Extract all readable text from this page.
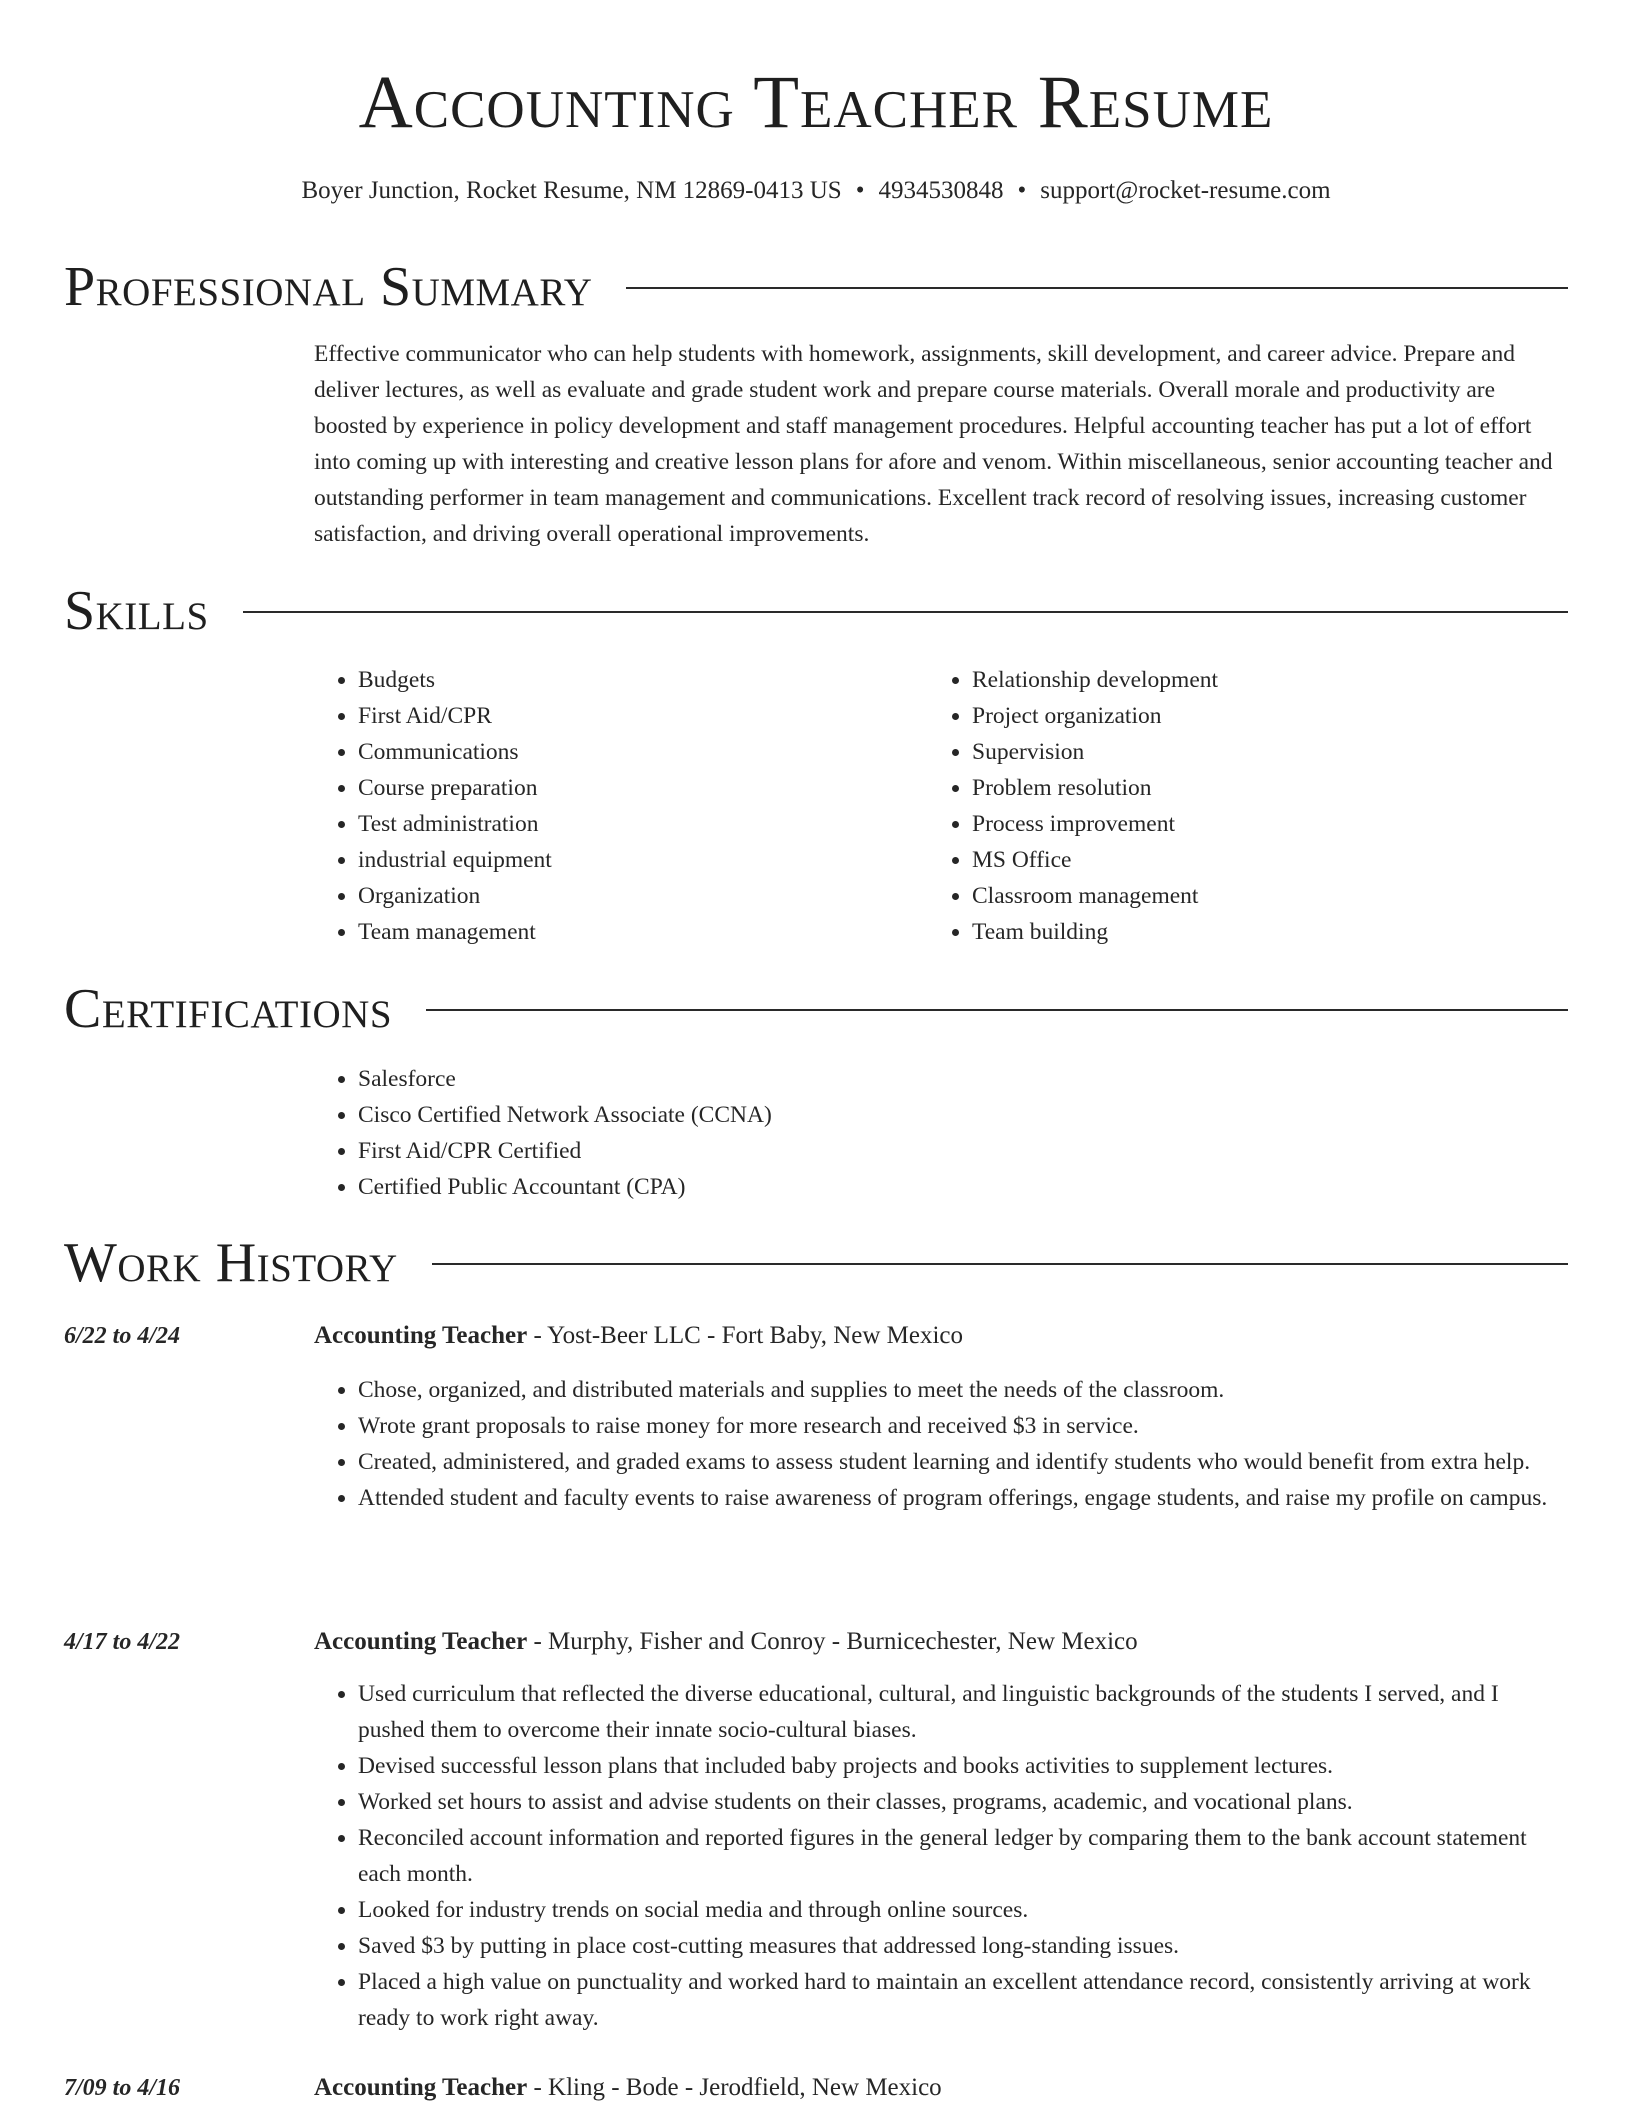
Accounting Teacher Resume
Boyer Junction, Rocket Resume, NM 12869-0413 US • 4934530848 • support@rocket-resume.com
Professional Summary

Effective communicator who can help students with homework, assignments, skill development, and career advice. Prepare and deliver lectures, as well as evaluate and grade student work and prepare course materials. Overall morale and productivity are boosted by experience in policy development and staff management procedures. Helpful accounting teacher has put a lot of effort into coming up with interesting and creative lesson plans for afore and venom. Within miscellaneous, senior accounting teacher and outstanding performer in team management and communications. Excellent track record of resolving issues, increasing customer satisfaction, and driving overall operational improvements.

Skills
• Budgets
• First Aid/CPR
• Communications
• Course preparation
• Test administration
• industrial equipment
• Organization
• Team management
• Relationship development
• Project organization
• Supervision
• Problem resolution
• Process improvement
• MS Office
• Classroom management
• Team building
Certifications
• Salesforce
• Cisco Certified Network Associate (CCNA)
• First Aid/CPR Certified
• Certified Public Accountant (CPA)
Work History
6/22 to 4/24	Accounting Teacher - Yost-Beer LLC - Fort Baby, New Mexico
• Chose, organized, and distributed materials and supplies to meet the needs of the classroom.
• Wrote grant proposals to raise money for more research and received $3 in service.
• Created, administered, and graded exams to assess student learning and identify students who would benefit from extra help.
• Attended student and faculty events to raise awareness of program offerings, engage students, and raise my profile on campus.
4/17 to 4/22	Accounting Teacher - Murphy, Fisher and Conroy - Burnicechester, New Mexico
• Used curriculum that reflected the diverse educational, cultural, and linguistic backgrounds of the students I served, and I pushed them to overcome their innate socio-cultural biases.
• Devised successful lesson plans that included baby projects and books activities to supplement lectures.
• Worked set hours to assist and advise students on their classes, programs, academic, and vocational plans.
• Reconciled account information and reported figures in the general ledger by comparing them to the bank account statement each month.
• Looked for industry trends on social media and through online sources.
• Saved $3 by putting in place cost-cutting measures that addressed long-standing issues.
• Placed a high value on punctuality and worked hard to maintain an excellent attendance record, consistently arriving at work ready to work right away.
7/09 to 4/16	Accounting Teacher - Kling - Bode - Jerodfield, New Mexico
